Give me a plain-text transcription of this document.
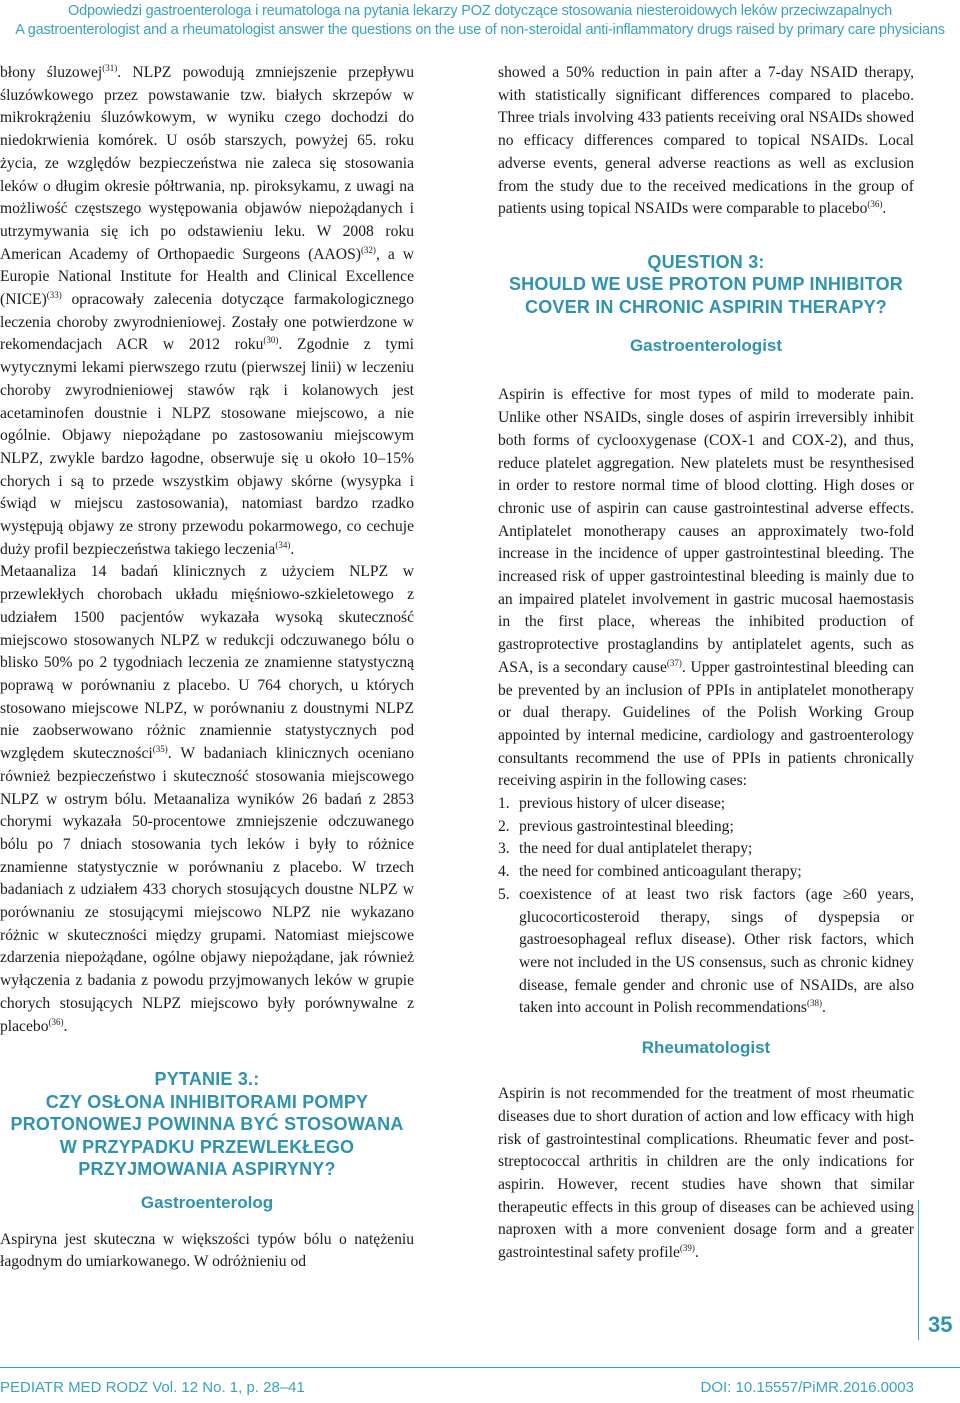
Odpowiedzi gastroenterologa i reumatologa na pytania lekarzy POZ dotyczące stosowania niesteroidowych leków przeciwzapalnych
A gastroenterologist and a rheumatologist answer the questions on the use of non-steroidal anti-inflammatory drugs raised by primary care physicians

błony śluzowej$^{(31)}$. NLPZ powodują zmniejszenie przepływu śluzówkowego przez powstawanie tzw. białych skrzepów w mikrokrążeniu śluzówkowym, w wyniku czego dochodzi do niedokrwienia komórek. U osób starszych, powyżej 65. roku życia, ze względów bezpieczeństwa nie zaleca się stosowania leków o długim okresie półtrwania, np. piroksykamu, z uwagi na możliwość częstszego występowania objawów niepożądanych i utrzymywania się ich po odstawieniu leku. W 2008 roku American Academy of Orthopaedic Surgeons (AAOS)$^{(32)}$, a w Europie National Institute for Health and Clinical Excellence (NICE)$^{(33)}$ opracowały zalecenia dotyczące farmakologicznego leczenia choroby zwyrodnieniowej. Zostały one potwierdzone w rekomendacjach ACR w 2012 roku$^{(30)}$. Zgodnie z tymi wytycznymi lekami pierwszego rzutu (pierwszej linii) w leczeniu choroby zwyrodnieniowej stawów rąk i kolanowych jest acetaminofen doustnie i NLPZ stosowane miejscowo, a nie ogólnie. Objawy niepożądane po zastosowaniu miejscowym NLPZ, zwykle bardzo łagodne, obserwuje się u około 10–15% chorych i są to przede wszystkim objawy skórne (wysypka i świąd w miejscu zastosowania), natomiast bardzo rzadko występują objawy ze strony przewodu pokarmowego, co cechuje duży profil bezpieczeństwa takiego leczenia$^{(34)}$.

Metaanaliza 14 badań klinicznych z użyciem NLPZ w przewlekłych chorobach układu mięśniowo-szkieletowego z udziałem 1500 pacjentów wykazała wysoką skuteczność miejscowo stosowanych NLPZ w redukcji odczuwanego bólu o blisko 50% po 2 tygodniach leczenia ze znamienne statystyczną poprawą w porównaniu z placebo. U 764 chorych, u których stosowano miejscowe NLPZ, w porównaniu z doustnymi NLPZ nie zaobserwowano różnic znamiennie statystycznych pod względem skuteczności$^{(35)}$. W badaniach klinicznych oceniano również bezpieczeństwo i skuteczność stosowania miejscowego NLPZ w ostrym bólu. Metaanaliza wyników 26 badań z 2853 chorymi wykazała 50-procentowe zmniejszenie odczuwanego bólu po 7 dniach stosowania tych leków i były to różnice znamienne statystycznie w porównaniu z placebo. W trzech badaniach z udziałem 433 chorych stosujących doustne NLPZ w porównaniu ze stosującymi miejscowo NLPZ nie wykazano różnic w skuteczności między grupami. Natomiast miejscowe zdarzenia niepożądane, ogólne objawy niepożądane, jak również wyłączenia z badania z powodu przyjmowanych leków w grupie chorych stosujących NLPZ miejscowo były porównywalne z placebo$^{(36)}$.

PYTANIE 3.:
CZY OSŁONA INHIBITORAMI POMPY PROTONOWEJ POWINNA BYĆ STOSOWANA W PRZYPADKU PRZEWLEKŁEGO PRZYJMOWANIA ASPIRYNY?
Gastroenterolog

Aspiryna jest skuteczna w większości typów bólu o natężeniu łagodnym do umiarkowanego. W odróżnieniu od

showed a 50% reduction in pain after a 7-day NSAID therapy, with statistically significant differences compared to placebo. Three trials involving 433 patients receiving oral NSAIDs showed no efficacy differences compared to topical NSAIDs. Local adverse events, general adverse reactions as well as exclusion from the study due to the received medications in the group of patients using topical NSAIDs were comparable to placebo$^{(36)}$.

QUESTION 3:
SHOULD WE USE PROTON PUMP INHIBITOR COVER IN CHRONIC ASPIRIN THERAPY?
Gastroenterologist

Aspirin is effective for most types of mild to moderate pain. Unlike other NSAIDs, single doses of aspirin irreversibly inhibit both forms of cyclooxygenase (COX-1 and COX-2), and thus, reduce platelet aggregation. New platelets must be resynthesised in order to restore normal time of blood clotting. High doses or chronic use of aspirin can cause gastrointestinal adverse effects. Antiplatelet monotherapy causes an approximately two-fold increase in the incidence of upper gastrointestinal bleeding. The increased risk of upper gastrointestinal bleeding is mainly due to an impaired platelet involvement in gastric mucosal haemostasis in the first place, whereas the inhibited production of gastroprotective prostaglandins by antiplatelet agents, such as ASA, is a secondary cause$^{(37)}$. Upper gastrointestinal bleeding can be prevented by an inclusion of PPIs in antiplatelet monotherapy or dual therapy. Guidelines of the Polish Working Group appointed by internal medicine, cardiology and gastroenterology consultants recommend the use of PPIs in patients chronically receiving aspirin in the following cases:

1. previous history of ulcer disease;
2. previous gastrointestinal bleeding;
3. the need for dual antiplatelet therapy;
4. the need for combined anticoagulant therapy;
5. coexistence of at least two risk factors (age ≥60 years, glucocorticosteroid therapy, sings of dyspepsia or gastroesophageal reflux disease). Other risk factors, which were not included in the US consensus, such as chronic kidney disease, female gender and chronic use of NSAIDs, are also taken into account in Polish recommendations$^{(38)}$.
Rheumatologist

Aspirin is not recommended for the treatment of most rheumatic diseases due to short duration of action and low efficacy with high risk of gastrointestinal complications. Rheumatic fever and post-streptococcal arthritis in children are the only indications for aspirin. However, recent studies have shown that similar therapeutic effects in this group of diseases can be achieved using naproxen with a more convenient dosage form and a greater gastrointestinal safety profile$^{(39)}$.

35
PEDIATR MED RODZ Vol. 12 No. 1, p. 28–41	DOI: 10.15557/PiMR.2016.0003
